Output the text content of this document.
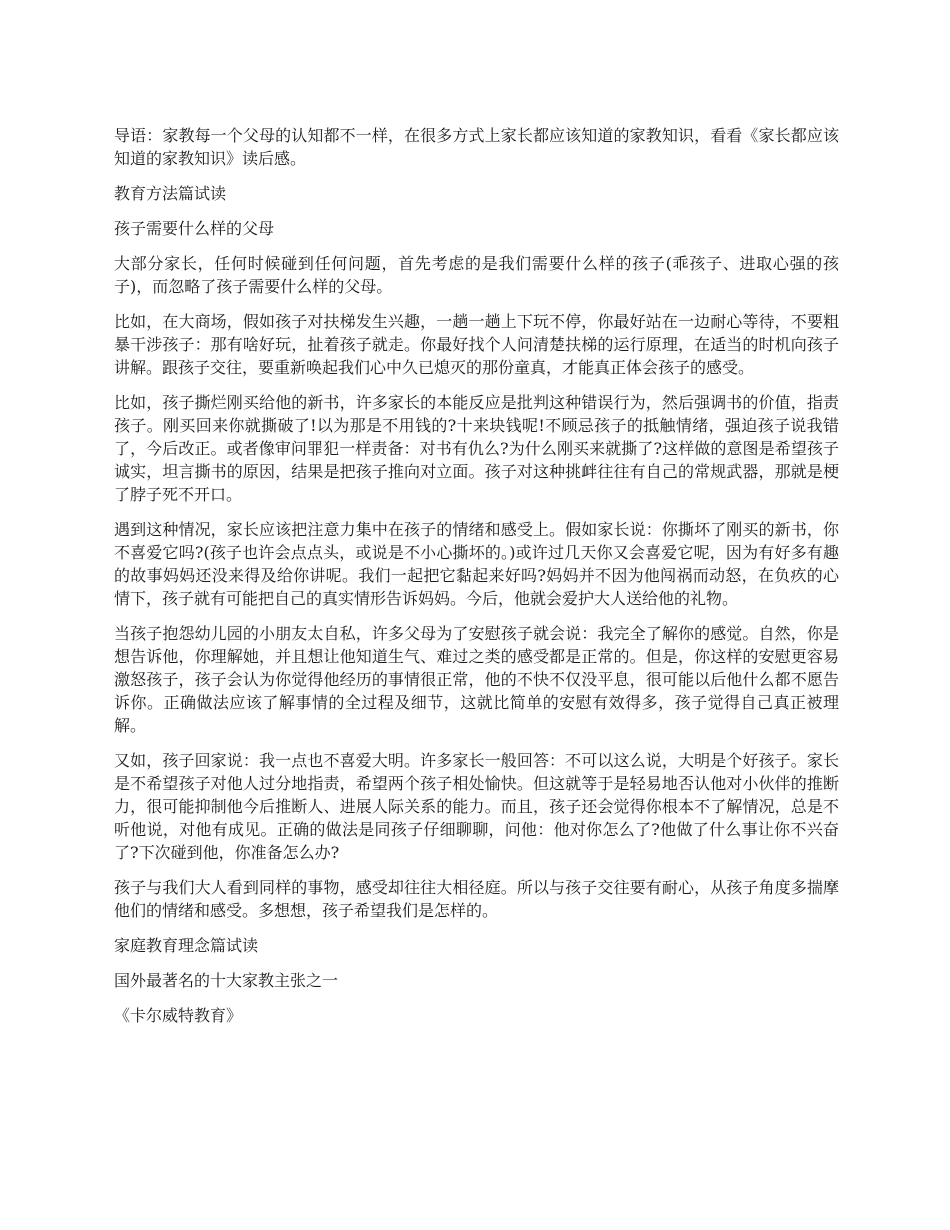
导语：家教每一个父母的认知都不一样，在很多方式上家长都应该知道的家教知识，看看《家长都应该知道的家教知识》读后感。

教育方法篇试读

孩子需要什么样的父母

大部分家长，任何时候碰到任何问题，首先考虑的是我们需要什么样的孩子(乖孩子、进取心强的孩子)，而忽略了孩子需要什么样的父母。

比如，在大商场，假如孩子对扶梯发生兴趣，一趟一趟上下玩不停，你最好站在一边耐心等待，不要粗暴干涉孩子：那有啥好玩，扯着孩子就走。你最好找个人问清楚扶梯的运行原理，在适当的时机向孩子讲解。跟孩子交往，要重新唤起我们心中久已熄灭的那份童真，才能真正体会孩子的感受。

比如，孩子撕烂刚买给他的新书，许多家长的本能反应是批判这种错误行为，然后强调书的价值，指责孩子。刚买回来你就撕破了!以为那是不用钱的?十来块钱呢!不顾忌孩子的抵触情绪，强迫孩子说我错了，今后改正。或者像审问罪犯一样责备：对书有仇么?为什么刚买来就撕了?这样做的意图是希望孩子诚实，坦言撕书的原因，结果是把孩子推向对立面。孩子对这种挑衅往往有自己的常规武器，那就是梗了脖子死不开口。

遇到这种情况，家长应该把注意力集中在孩子的情绪和感受上。假如家长说：你撕坏了刚买的新书，你不喜爱它吗?(孩子也许会点点头，或说是不小心撕坏的。)或许过几天你又会喜爱它呢，因为有好多有趣的故事妈妈还没来得及给你讲呢。我们一起把它黏起来好吗?妈妈并不因为他闯祸而动怒，在负疚的心情下，孩子就有可能把自己的真实情形告诉妈妈。今后，他就会爱护大人送给他的礼物。

当孩子抱怨幼儿园的小朋友太自私，许多父母为了安慰孩子就会说：我完全了解你的感觉。自然，你是想告诉他，你理解她，并且想让他知道生气、难过之类的感受都是正常的。但是，你这样的安慰更容易激怒孩子，孩子会认为你觉得他经历的事情很正常，他的不快不仅没平息，很可能以后他什么都不愿告诉你。正确做法应该了解事情的全过程及细节，这就比简单的安慰有效得多，孩子觉得自己真正被理解。

又如，孩子回家说：我一点也不喜爱大明。许多家长一般回答：不可以这么说，大明是个好孩子。家长是不希望孩子对他人过分地指责，希望两个孩子相处愉快。但这就等于是轻易地否认他对小伙伴的推断力，很可能抑制他今后推断人、进展人际关系的能力。而且，孩子还会觉得你根本不了解情况，总是不听他说，对他有成见。正确的做法是同孩子仔细聊聊，问他：他对你怎么了?他做了什么事让你不兴奋了?下次碰到他，你准备怎么办?

孩子与我们大人看到同样的事物，感受却往往大相径庭。所以与孩子交往要有耐心，从孩子角度多揣摩他们的情绪和感受。多想想，孩子希望我们是怎样的。

家庭教育理念篇试读

国外最著名的十大家教主张之一

《卡尔威特教育》
